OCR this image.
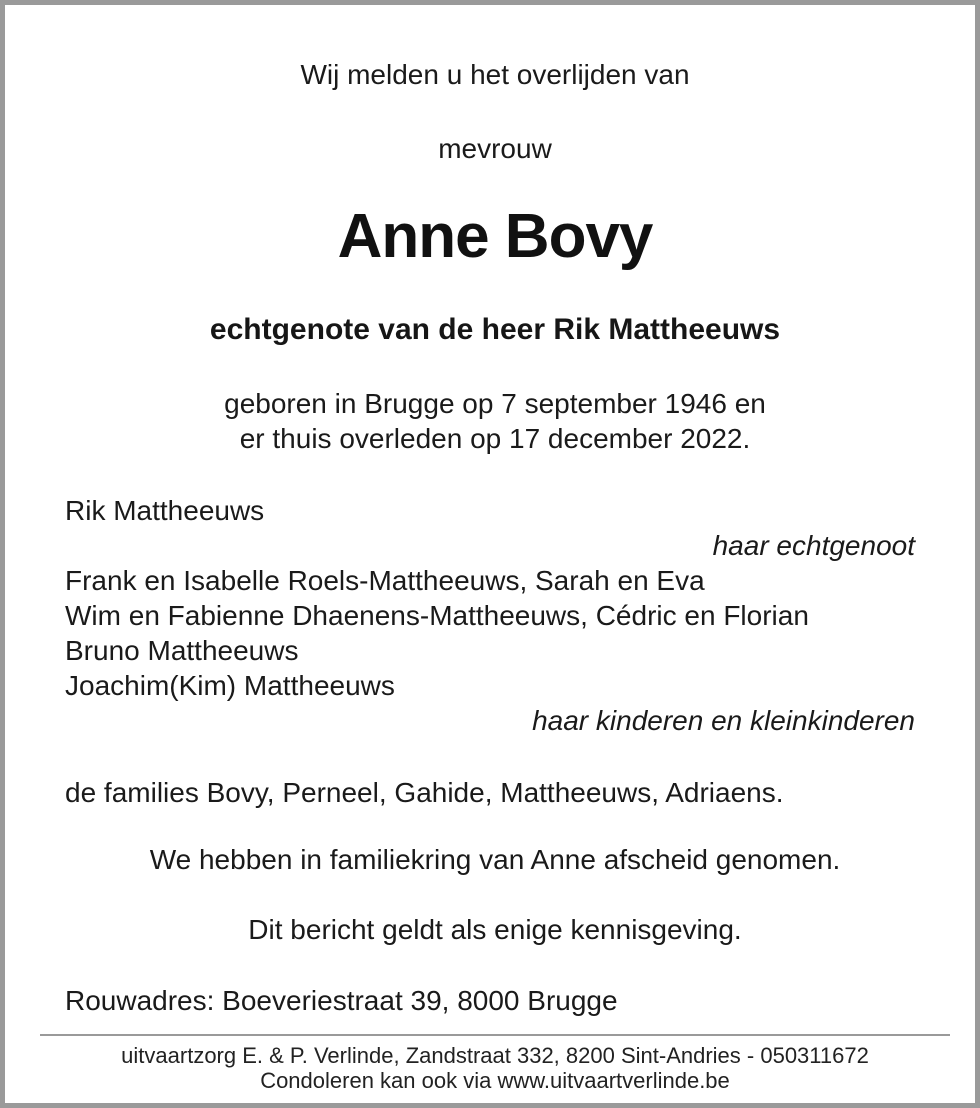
Wij melden u het overlijden van
mevrouw
Anne Bovy
echtgenote van de heer Rik Mattheeuws
geboren in Brugge op 7 september 1946 en
er thuis overleden op 17 december 2022.
Rik Mattheeuws
haar echtgenoot
Frank en Isabelle Roels-Mattheeuws, Sarah en Eva
Wim en Fabienne Dhaenens-Mattheeuws, Cédric en Florian
Bruno Mattheeuws
Joachim(Kim) Mattheeuws
haar kinderen en kleinkinderen
de families Bovy, Perneel, Gahide, Mattheeuws, Adriaens.
We hebben in familiekring van Anne afscheid genomen.
Dit bericht geldt als enige kennisgeving.
Rouwadres: Boeveriestraat 39, 8000 Brugge
uitvaartzorg E. & P. Verlinde, Zandstraat 332, 8200 Sint-Andries - 050311672
Condoleren kan ook via www.uitvaartverlinde.be
